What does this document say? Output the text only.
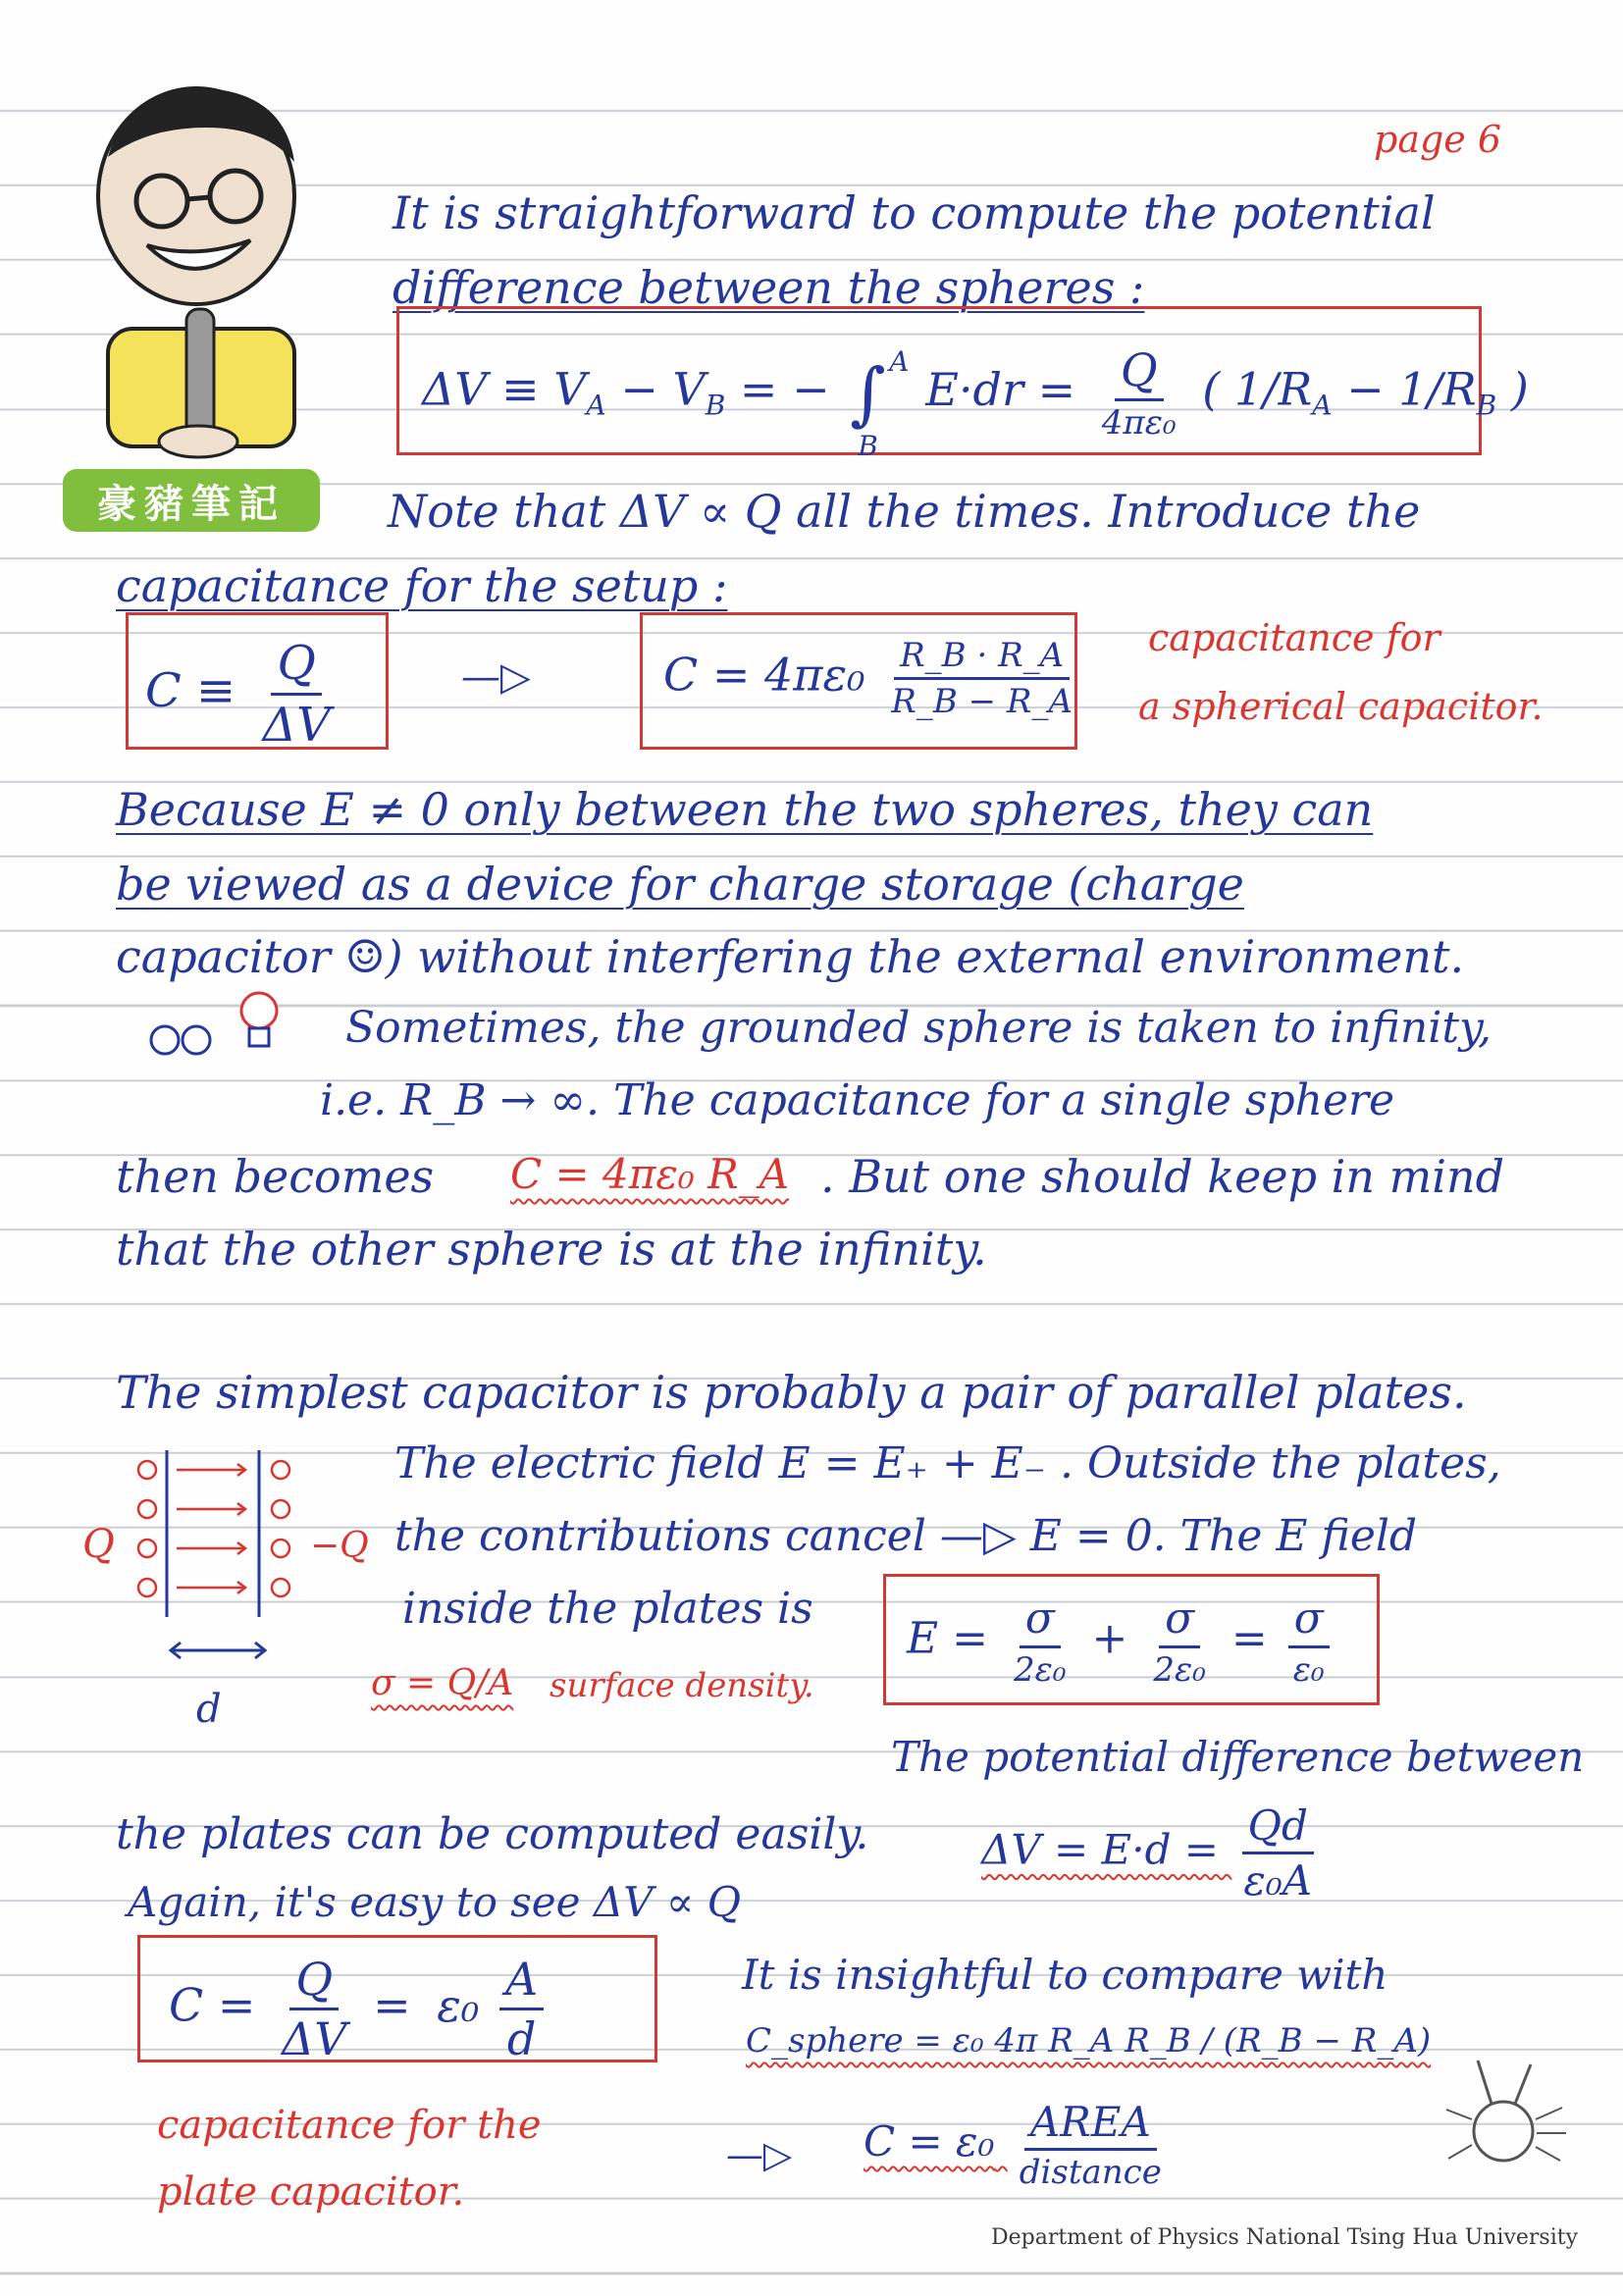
豪豬筆記
page 6
It is straightforward to compute the potential
difference between the spheres :
$\Delta V \equiv V_A - V_B$ = − ∫ A
B
$E\cdot dr = \frac{Q}{\text{4πε₀}}$ ( $1/R_A - 1/R_B$ )
Note that ΔV ∝ Q all the times. Introduce the
capacitance for the setup :
$C \equiv \frac{Q}{\Delta V}$	—▷	$C = 4\pi\varepsilon_0 \frac{R\_B \cdot R\_A}{R\_B - R\_A}$ capacitance for
a spherical capacitor.
Because E ≠ 0 only between the two spheres, they can
be viewed as a device for charge storage (charge
capacitor ☺) without interfering the external environment.
Sometimes, the grounded sphere is taken to infinity,
i.e. R_B → ∞. The capacitance for a single sphere
then becomes C = 4πε₀ R_A . But one should keep in mind
that the other sphere is at the infinity.
The simplest capacitor is probably a pair of parallel plates.
Q	−Q
d
The electric field E = E₊ + E₋ . Outside the plates,
the contributions cancel —▷ E = 0. The E field
inside the plates is
$E = \frac{\sigma}{\text{2ε₀}} + \frac{\sigma}{\text{2ε₀}} = \frac{\sigma}{\text{ε₀}}$
σ = Q/A surface density.
The potential difference between
the plates can be computed easily.	$\Delta V = E\cdot d = \frac{Qd}{\text{ε₀A}}$
Again, it's easy to see ΔV ∝ Q
$C = \frac{Q}{\Delta V} = \varepsilon_0 \frac{A}{d}$	It is insightful to compare with
C_sphere = ε₀ 4π R_A R_B / (R_B − R_A)
capacitance for the
plate capacitor.
—▷ $C = \varepsilon_0 \frac{\text{AREA}}{\text{distance}}$
Department of Physics National Tsing Hua University
